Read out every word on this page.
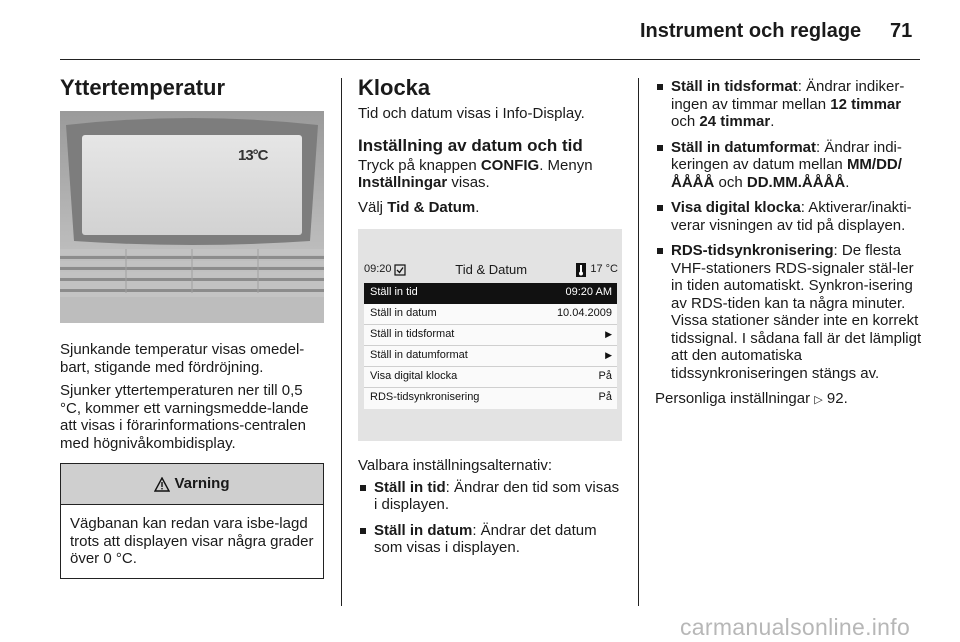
Instrument och reglage 71
Yttertemperatur
13°C

Sjunkande temperatur visas omedel-bart, stigande med fördröjning.

Sjunker yttertemperaturen ner till 0,5 °C, kommer ett varningsmedde-lande att visas i förarinformations-centralen med högnivåkombidisplay.

Varning
Vägbanan kan redan vara isbe-lagd trots att displayen visar några grader över 0 °C.
Klocka

Tid och datum visas i Info-Display.

Inställning av datum och tid

Tryck på knappen CONFIG. Menyn Inställningar visas.

Välj Tid & Datum.

09:20	Tid & Datum	17 °C
Ställ in tid	09:20 AM
Ställ in datum	10.04.2009
Ställ in tidsformat	▶
Ställ in datumformat	▶
Visa digital klocka	På
RDS-tidsynkronisering	På

Valbara inställningsalternativ:

Ställ in tid: Ändrar den tid som visas i displayen.
Ställ in datum: Ändrar det datum som visas i displayen.
Ställ in tidsformat: Ändrar indiker-ingen av timmar mellan 12 timmar och 24 timmar.
Ställ in datumformat: Ändrar indi-keringen av datum mellan MM/DD/ ÅÅÅÅ och DD.MM.ÅÅÅÅ.
Visa digital klocka: Aktiverar/inakti-verar visningen av tid på displayen.
RDS-tidsynkronisering: De flesta VHF-stationers RDS-signaler stäl-ler in tiden automatiskt. Synkron-isering av RDS-tiden kan ta några minuter. Vissa stationer sänder inte en korrekt tidssignal. I sådana fall är det lämpligt att den automatiska tidssynkroniseringen stängs av.

Personliga inställningar ▷ 92.

carmanualsonline.info
